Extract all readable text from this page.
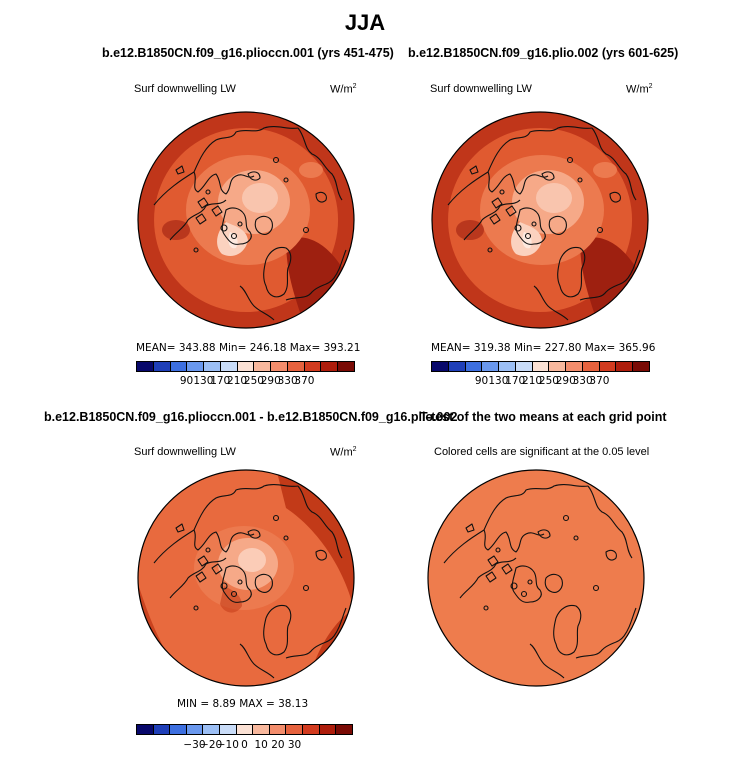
JJA
b.e12.B1850CN.f09_g16.plioccn.001 (yrs 451-475)
Surf downwelling LW	$W/m^2$
MEAN= 343.88 Min= 246.18 Max= 393.21
90 130
170
210
250
290
330
370
b.e12.B1850CN.f09_g16.plio.002 (yrs 601-625)
Surf downwelling LW	$W/m^2$
MEAN= 319.38 Min= 227.80 Max= 365.96
90 130
170
210
250
290
330
370
b.e12.B1850CN.f09_g16.plioccn.001 - b.e12.B1850CN.f09_g16.plio.002
Surf downwelling LW	$W/m^2$
MIN = 8.89 MAX = 38.13
−30
−20
−10 0 10 20 30
T-test of the two means at each grid point
Colored cells are significant at the 0.05 level
